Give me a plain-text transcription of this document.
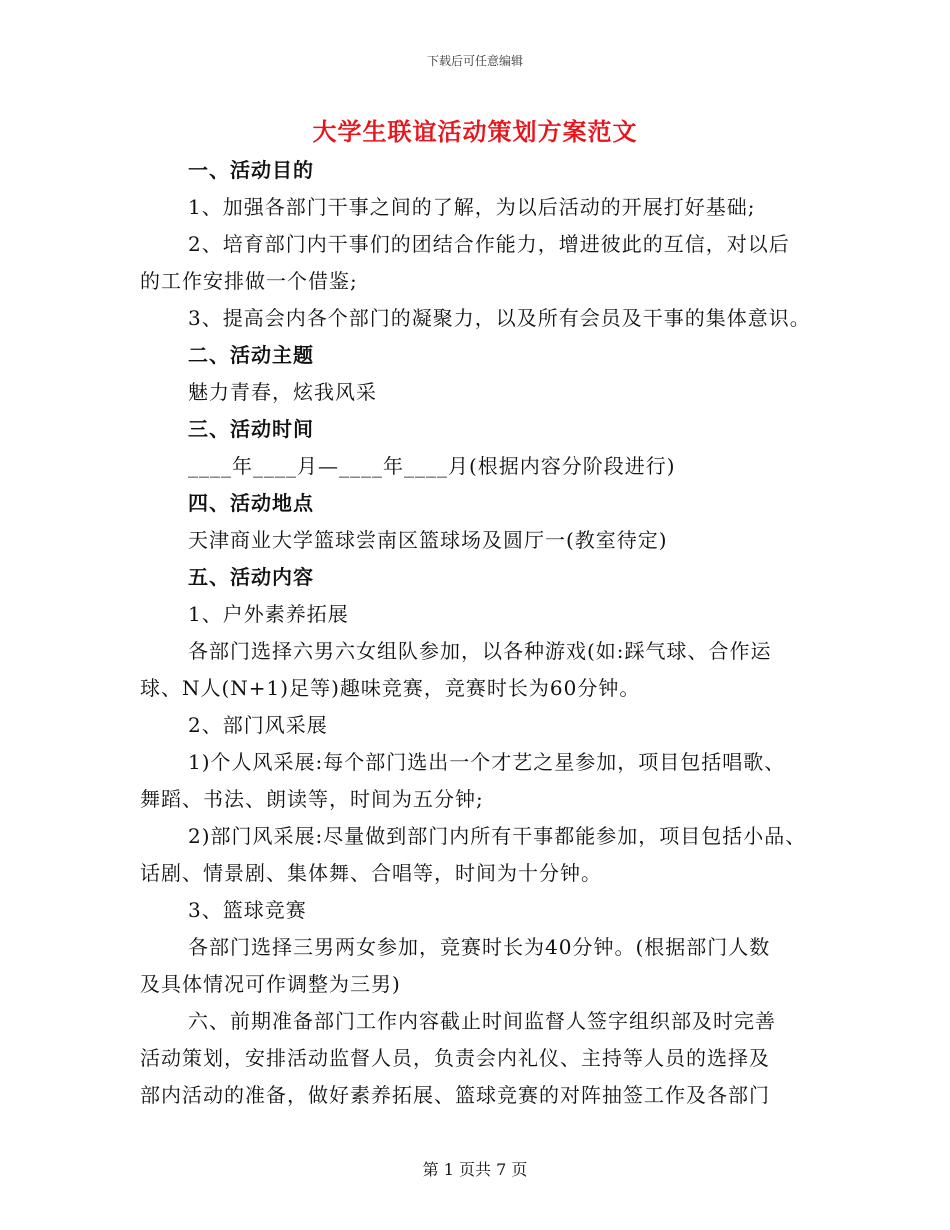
下载后可任意编辑
大学生联谊活动策划方案范文
一、活动目的
1、加强各部门干事之间的了解，为以后活动的开展打好基础;
2、培育部门内干事们的团结合作能力，增进彼此的互信，对以后
的工作安排做一个借鉴;
3、提高会内各个部门的凝聚力，以及所有会员及干事的集体意识。
二、活动主题
魅力青春，炫我风采
三、活动时间
____年____月—____年____月(根据内容分阶段进行)
四、活动地点
天津商业大学篮球尝南区篮球场及圆厅一(教室待定)
五、活动内容
1、户外素养拓展
各部门选择六男六女组队参加，以各种游戏(如:踩气球、合作运
球、N人(N+1)足等)趣味竞赛，竞赛时长为60分钟。
2、部门风采展
1)个人风采展:每个部门选出一个才艺之星参加，项目包括唱歌、
舞蹈、书法、朗读等，时间为五分钟;
2)部门风采展:尽量做到部门内所有干事都能参加，项目包括小品、
话剧、情景剧、集体舞、合唱等，时间为十分钟。
3、篮球竞赛
各部门选择三男两女参加，竞赛时长为40分钟。(根据部门人数
及具体情况可作调整为三男)
六、前期准备部门工作内容截止时间监督人签字组织部及时完善
活动策划，安排活动监督人员，负责会内礼仪、主持等人员的选择及
部内活动的准备，做好素养拓展、篮球竞赛的对阵抽签工作及各部门
第 1 页共 7 页
